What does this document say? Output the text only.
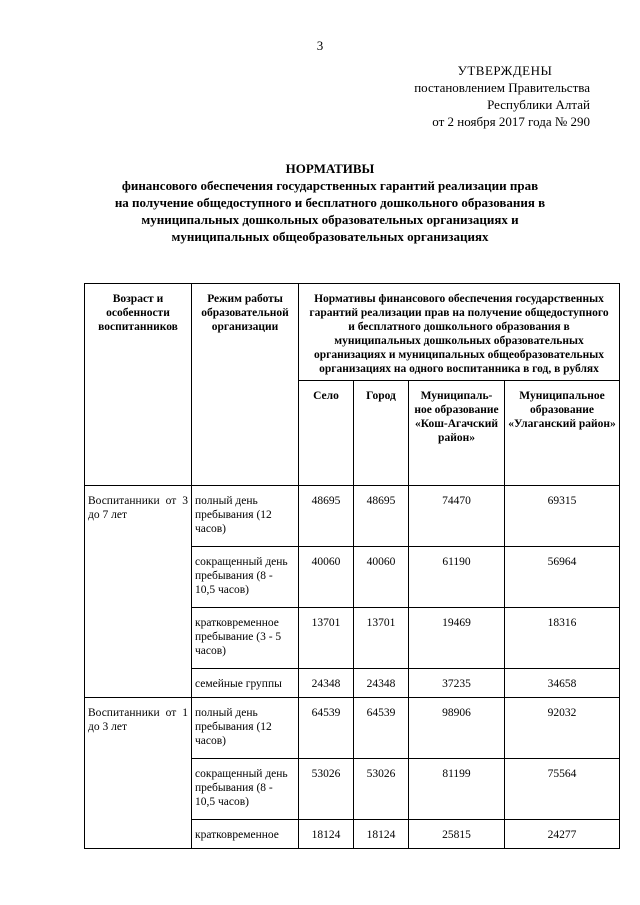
3
УТВЕРЖДЕНЫ
постановлением Правительства
Республики Алтай
от 2 ноября 2017 года № 290
НОРМАТИВЫ
финансового обеспечения государственных гарантий реализации прав
на получение общедоступного и бесплатного дошкольного образования в
муниципальных дошкольных образовательных организациях и
муниципальных общеобразовательных организациях
Возраст и особенности воспитанников	Режим работы образовательной организации	Нормативы финансового обеспечения государственных гарантий реализации прав на получение общедоступного и бесплатного дошкольного образования в муниципальных дошкольных образовательных организациях и муниципальных общеобразовательных организациях на одного воспитанника в год, в рублях			
		Село	Город	Муниципаль-ное образование «Кош-Агачский район»	Муниципальное образование «Улаганский район»
Воспитанники от 3 до 7 лет	полный день пребывания (12 часов)	48695	48695	74470	69315
	сокращенный день пребывания (8 - 10,5 часов)	40060	40060	61190	56964
	кратковременное пребывание (3 - 5 часов)	13701	13701	19469	18316
	семейные группы	24348	24348	37235	34658
Воспитанники от 1 до 3 лет	полный день пребывания (12 часов)	64539	64539	98906	92032
	сокращенный день пребывания (8 - 10,5 часов)	53026	53026	81199	75564
	кратковременное	18124	18124	25815	24277
